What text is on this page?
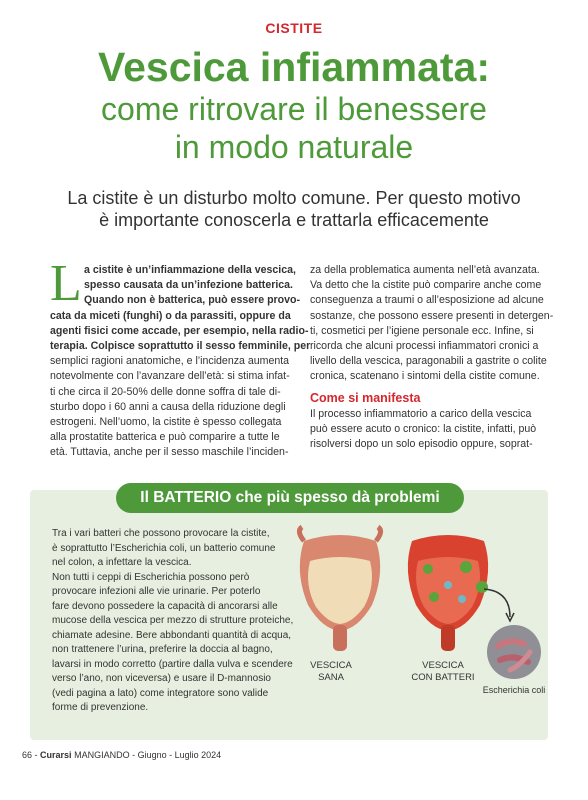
CISTITE
Vescica infiammata:
come ritrovare il benessere
in modo naturale
La cistite è un disturbo molto comune. Per questo motivo
è importante conoscerla e trattarla efficacemente
L a cistite è un’infiammazione della vescica,
spesso causata da un’infezione batterica.
Quando non è batterica, può essere provo-
cata da miceti (funghi) o da parassiti, oppure da
agenti fisici come accade, per esempio, nella radio-
terapia. Colpisce soprattutto il sesso femminile, per
semplici ragioni anatomiche, e l’incidenza aumenta
notevolmente con l’avanzare dell’età: si stima infat-
ti che circa il 20-50% delle donne soffra di tale di-
sturbo dopo i 60 anni a causa della riduzione degli
estrogeni. Nell’uomo, la cistite è spesso collegata
alla prostatite batterica e può comparire a tutte le
età. Tuttavia, anche per il sesso maschile l’inciden-
za della problematica aumenta nell’età avanzata.
Va detto che la cistite può comparire anche come
conseguenza a traumi o all’esposizione ad alcune
sostanze, che possono essere presenti in detergen-
ti, cosmetici per l’igiene personale ecc. Infine, si
ricorda che alcuni processi infiammatori cronici a
livello della vescica, paragonabili a gastrite o colite
cronica, scatenano i sintomi della cistite comune.
Come si manifesta
Il processo infiammatorio a carico della vescica
può essere acuto o cronico: la cistite, infatti, può
risolversi dopo un solo episodio oppure, soprat-
Il BATTERIO che più spesso dà problemi
Tra i vari batteri che possono provocare la cistite,
è soprattutto l’Escherichia coli, un batterio comune
nel colon, a infettare la vescica.
Non tutti i ceppi di Escherichia possono però
provocare infezioni alle vie urinarie. Per poterlo
fare devono possedere la capacità di ancorarsi alle
mucose della vescica per mezzo di strutture proteiche,
chiamate adesine. Bere abbondanti quantità di acqua,
non trattenere l’urina, preferire la doccia al bagno,
lavarsi in modo corretto (partire dalla vulva e scendere
verso l’ano, non viceversa) e usare il D-mannosio
(vedi pagina a lato) come integratore sono valide
forme di prevenzione.
VESCICA
SANA
VESCICA
CON BATTERI
Escherichia coli
66 - Curarsi MANGIANDO - Giugno - Luglio 2024
